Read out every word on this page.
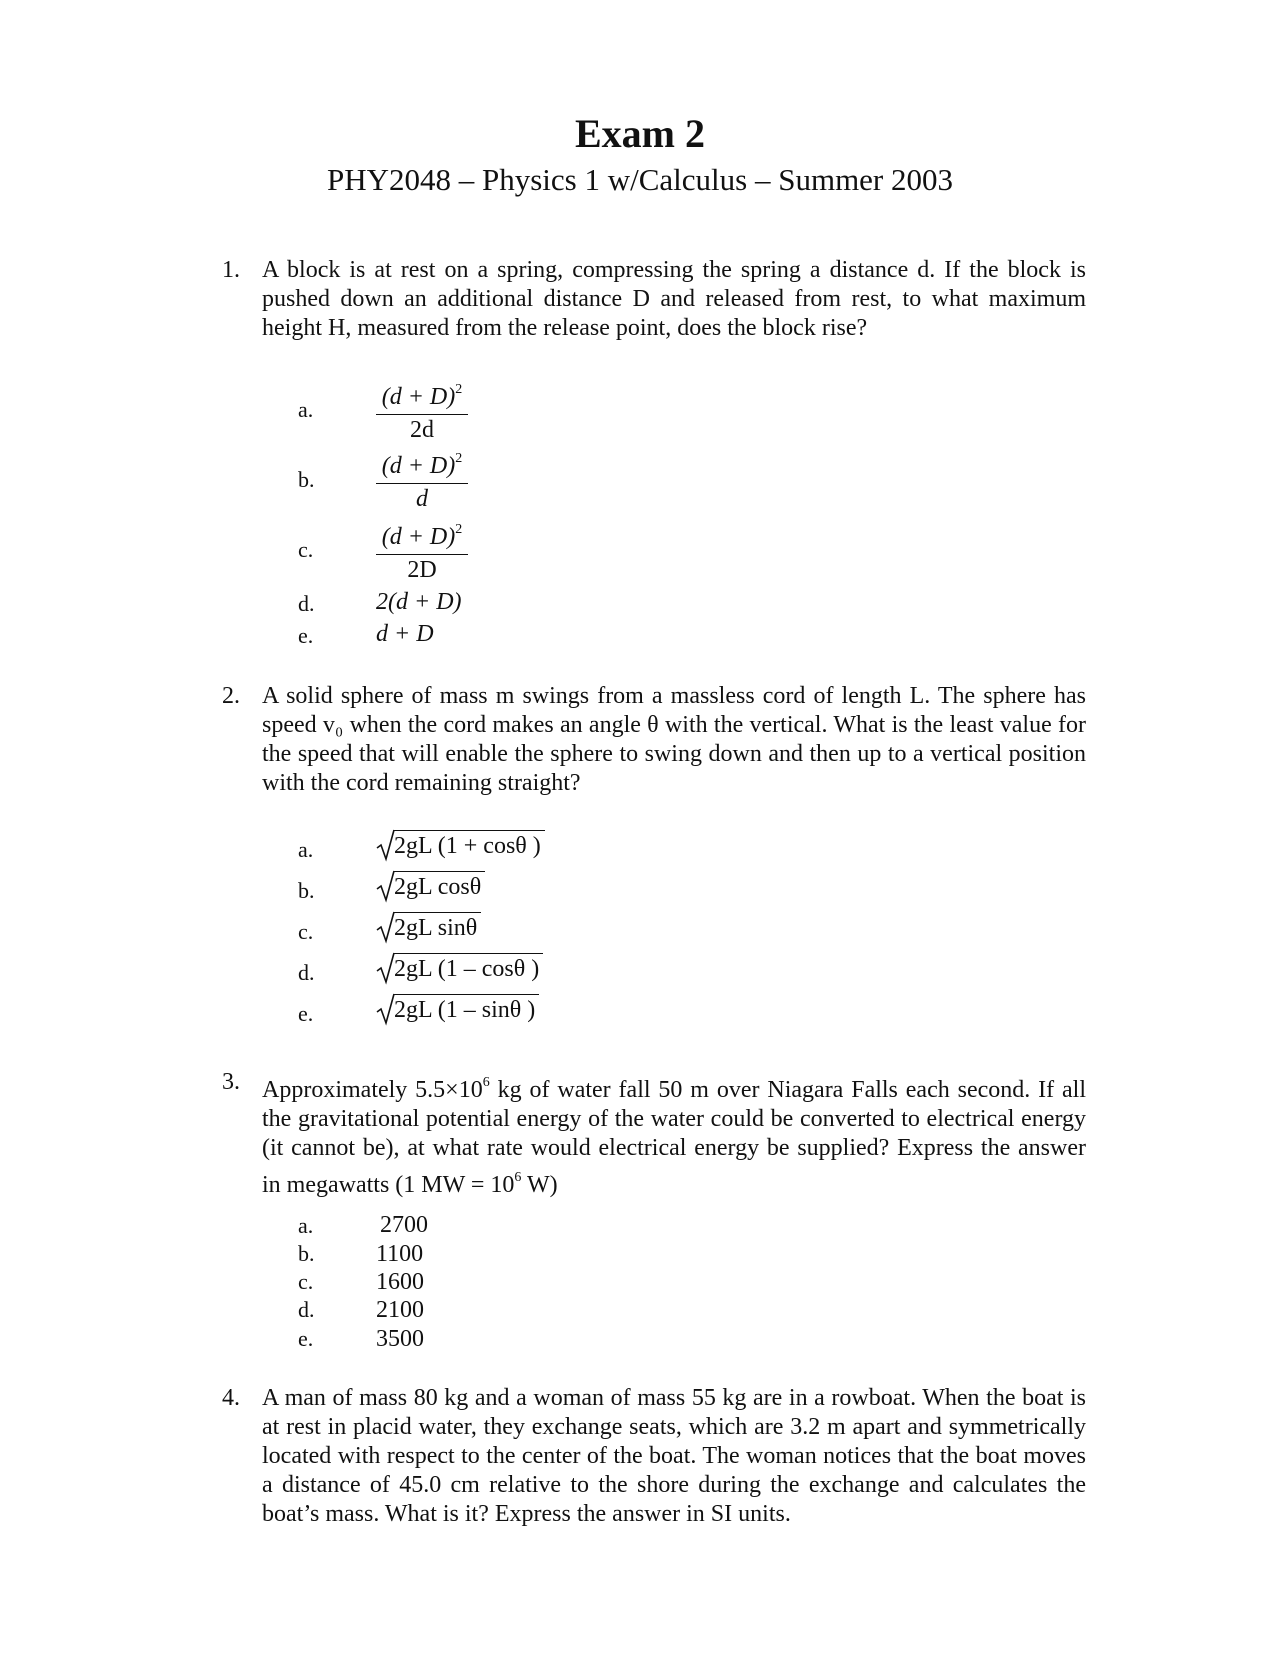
Exam 2
PHY2048 – Physics 1 w/Calculus – Summer 2003
1. A block is at rest on a spring, compressing the spring a distance d. If the block is pushed down an additional distance D and released from rest, to what maximum height H, measured from the release point, does the block rise?
a.	$\frac{(d + D)^2}{2d}$
b.	$\frac{(d + D)^2}{d}$
c.	$\frac{(d + D)^2}{2D}$
d.	2(d + D)
e.	d + D
2. A solid sphere of mass m swings from a massless cord of length L. The sphere has speed v₀ when the cord makes an angle θ with the vertical. What is the least value for the speed that will enable the sphere to swing down and then up to a vertical position with the cord remaining straight?
a.	2gL (1 + cosθ )
b.	2gL cosθ
c.	2gL sinθ
d.	2gL (1 – cosθ )
e.	2gL (1 – sinθ )
3. Approximately $5.5\times 10^6$ kg of water fall 50 m over Niagara Falls each second. If all the gravitational potential energy of the water could be converted to electrical energy (it cannot be), at what rate would electrical energy be supplied? Express the answer in megawatts (1 MW = $10^6$ W)
a.	2700
b.	1100
c.	1600
d.	2100
e.	3500
4. A man of mass 80 kg and a woman of mass 55 kg are in a rowboat. When the boat is at rest in placid water, they exchange seats, which are 3.2 m apart and symmetrically located with respect to the center of the boat. The woman notices that the boat moves a distance of 45.0 cm relative to the shore during the exchange and calculates the boat’s mass. What is it? Express the answer in SI units.
